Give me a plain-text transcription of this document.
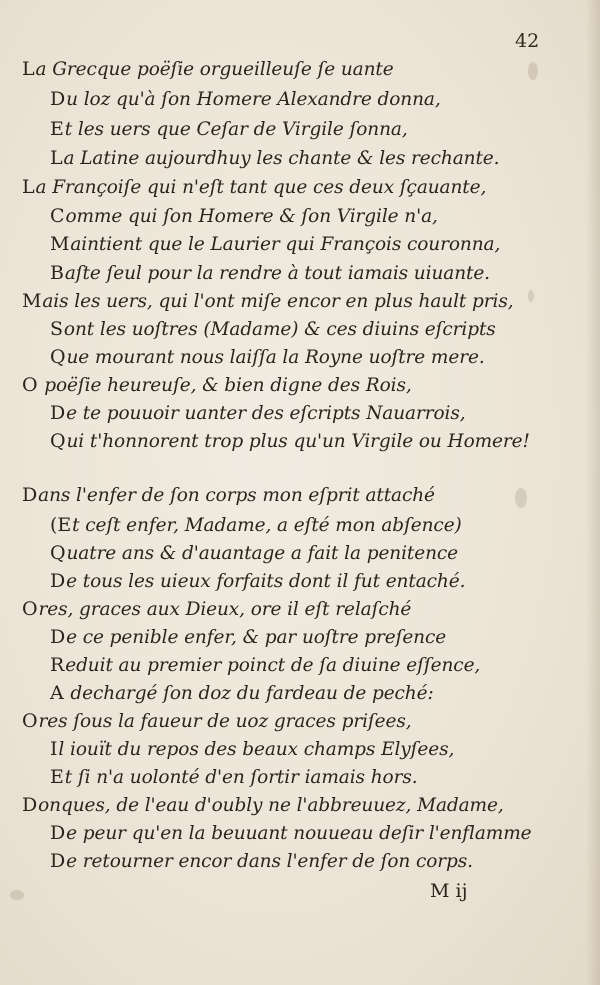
42
La Grecque poëſie orgueilleuſe ſe uante
Du loz qu'à ſon Homere Alexandre donna,
Et les uers que Ceſar de Virgile ſonna,
La Latine aujourdhuy les chante & les rechante.
La Françoiſe qui n'eſt tant que ces deux ſçauante,
Comme qui ſon Homere & ſon Virgile n'a,
Maintient que le Laurier qui François couronna,
Baſte ſeul pour la rendre à tout iamais uiuante.
Mais les uers, qui l'ont miſe encor en plus hault pris,
Sont les uoſtres (Madame) & ces diuins eſcripts
Que mourant nous laiſſa la Royne uoſtre mere.
O poëſie heureuſe, & bien digne des Rois,
De te pouuoir uanter des eſcripts Nauarrois,
Qui t'honnorent trop plus qu'un Virgile ou Homere!
Dans l'enfer de ſon corps mon eſprit attaché
(Et ceſt enfer, Madame, a eſté mon abſence)
Quatre ans & d'auantage a fait la penitence
De tous les uieux forfaits dont il fut entaché.
Ores, graces aux Dieux, ore il eſt relaſché
De ce penible enfer, & par uoſtre preſence
Reduit au premier poinct de ſa diuine eſſence,
A dechargé ſon doz du fardeau de peché:
Ores ſous la faueur de uoz graces priſees,
Il iouït du repos des beaux champs Elyſees,
Et ſi n'a uolonté d'en ſortir iamais hors.
Donques, de l'eau d'oubly ne l'abbreuuez, Madame,
De peur qu'en la beuuant nouueau deſir l'enflamme
De retourner encor dans l'enfer de ſon corps.
M ij
